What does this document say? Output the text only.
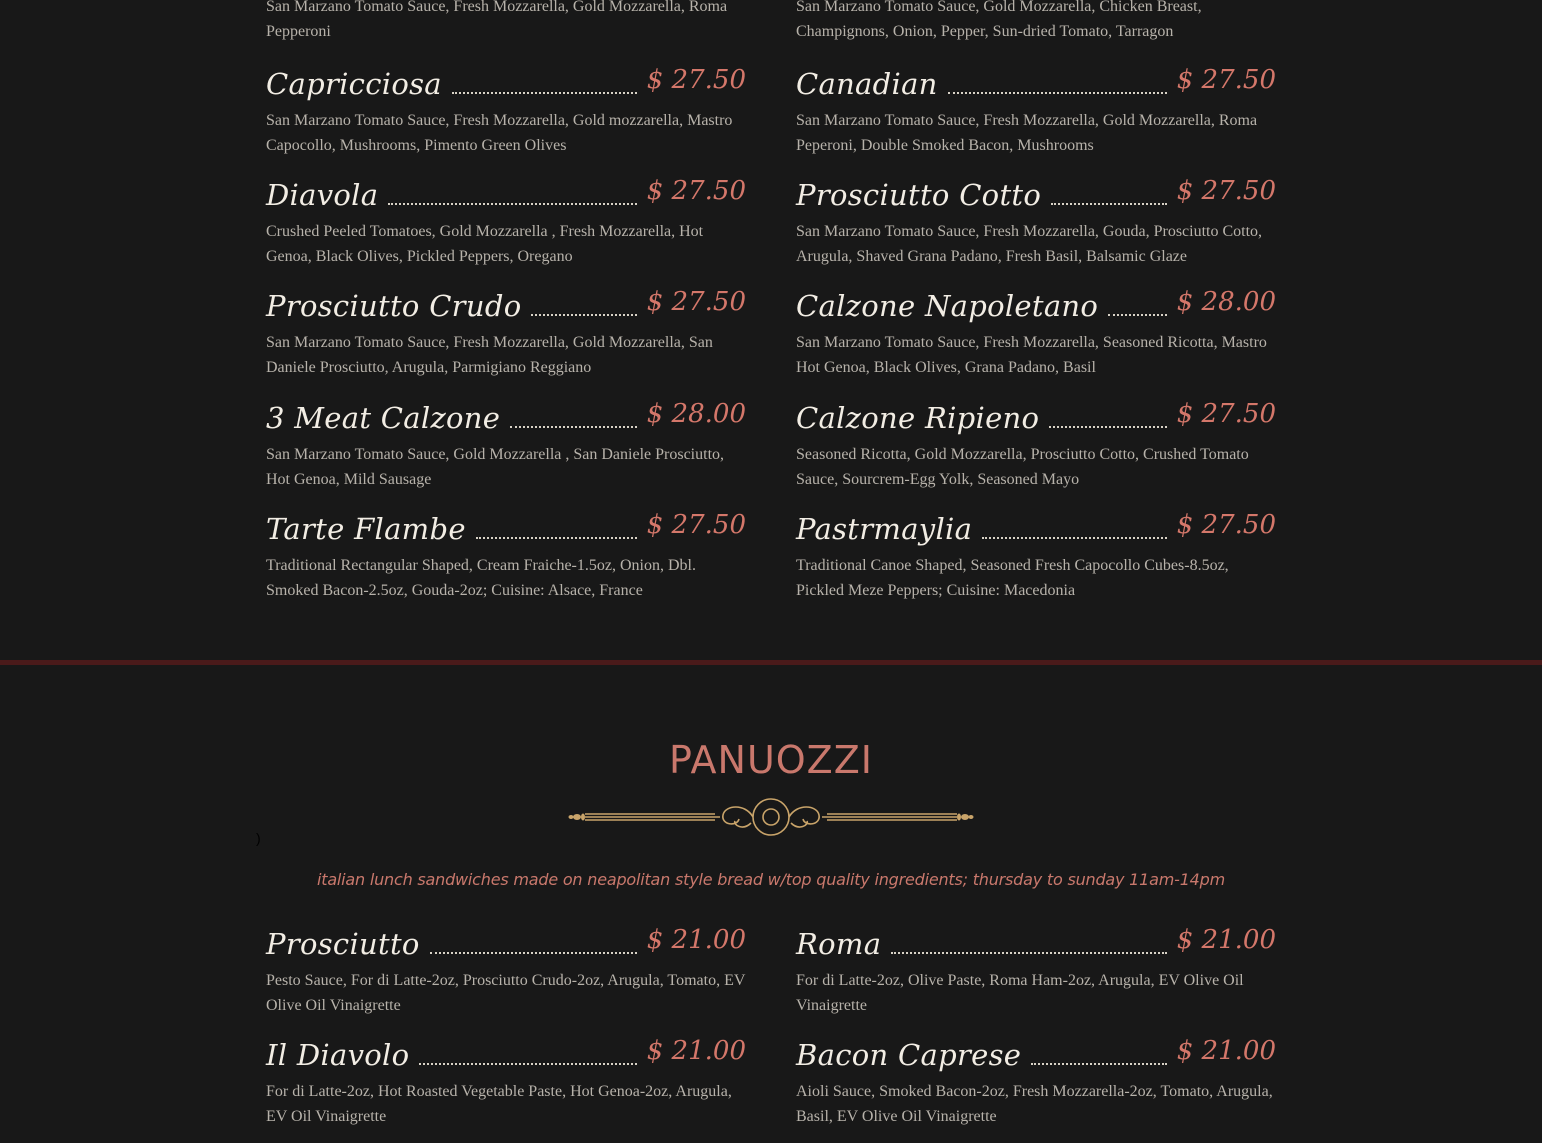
San Marzano Tomato Sauce, Fresh Mozzarella, Gold Mozzarella, Roma Pepperoni
San Marzano Tomato Sauce, Gold Mozzarella, Chicken Breast, Champignons, Onion, Pepper, Sun-dried Tomato, Tarragon
Capricciosa	$ 27.50
San Marzano Tomato Sauce, Fresh Mozzarella, Gold mozzarella, Mastro Capocollo, Mushrooms, Pimento Green Olives
Diavola	$ 27.50
Crushed Peeled Tomatoes, Gold Mozzarella , Fresh Mozzarella, Hot Genoa, Black Olives, Pickled Peppers, Oregano
Prosciutto Crudo	$ 27.50
San Marzano Tomato Sauce, Fresh Mozzarella, Gold Mozzarella, San Daniele Prosciutto, Arugula, Parmigiano Reggiano
3 Meat Calzone	$ 28.00
San Marzano Tomato Sauce, Gold Mozzarella , San Daniele Prosciutto, Hot Genoa, Mild Sausage
Tarte Flambe	$ 27.50
Traditional Rectangular Shaped, Cream Fraiche-1.5oz, Onion, Dbl. Smoked Bacon-2.5oz, Gouda-2oz; Cuisine: Alsace, France
Canadian	$ 27.50
San Marzano Tomato Sauce, Fresh Mozzarella, Gold Mozzarella, Roma Peperoni, Double Smoked Bacon, Mushrooms
Prosciutto Cotto	$ 27.50
San Marzano Tomato Sauce, Fresh Mozzarella, Gouda, Prosciutto Cotto, Arugula, Shaved Grana Padano, Fresh Basil, Balsamic Glaze
Calzone Napoletano	$ 28.00
San Marzano Tomato Sauce, Fresh Mozzarella, Seasoned Ricotta, Mastro Hot Genoa, Black Olives, Grana Padano, Basil
Calzone Ripieno	$ 27.50
Seasoned Ricotta, Gold Mozzarella, Prosciutto Cotto, Crushed Tomato Sauce, Sourcrem-Egg Yolk, Seasoned Mayo
Pastrmaylia	$ 27.50
Traditional Canoe Shaped, Seasoned Fresh Capocollo Cubes-8.5oz, Pickled Meze Peppers; Cuisine: Macedonia
PANUOZZI
)
italian lunch sandwiches made on neapolitan style bread w/top quality ingredients; thursday to sunday 11am-14pm
Prosciutto	$ 21.00
Pesto Sauce, For di Latte-2oz, Prosciutto Crudo-2oz, Arugula, Tomato, EV Olive Oil Vinaigrette
Il Diavolo	$ 21.00
For di Latte-2oz, Hot Roasted Vegetable Paste, Hot Genoa-2oz, Arugula, EV Oil Vinaigrette
Roma	$ 21.00
For di Latte-2oz, Olive Paste, Roma Ham-2oz, Arugula, EV Olive Oil Vinaigrette
Bacon Caprese	$ 21.00
Aioli Sauce, Smoked Bacon-2oz, Fresh Mozzarella-2oz, Tomato, Arugula, Basil, EV Olive Oil Vinaigrette
